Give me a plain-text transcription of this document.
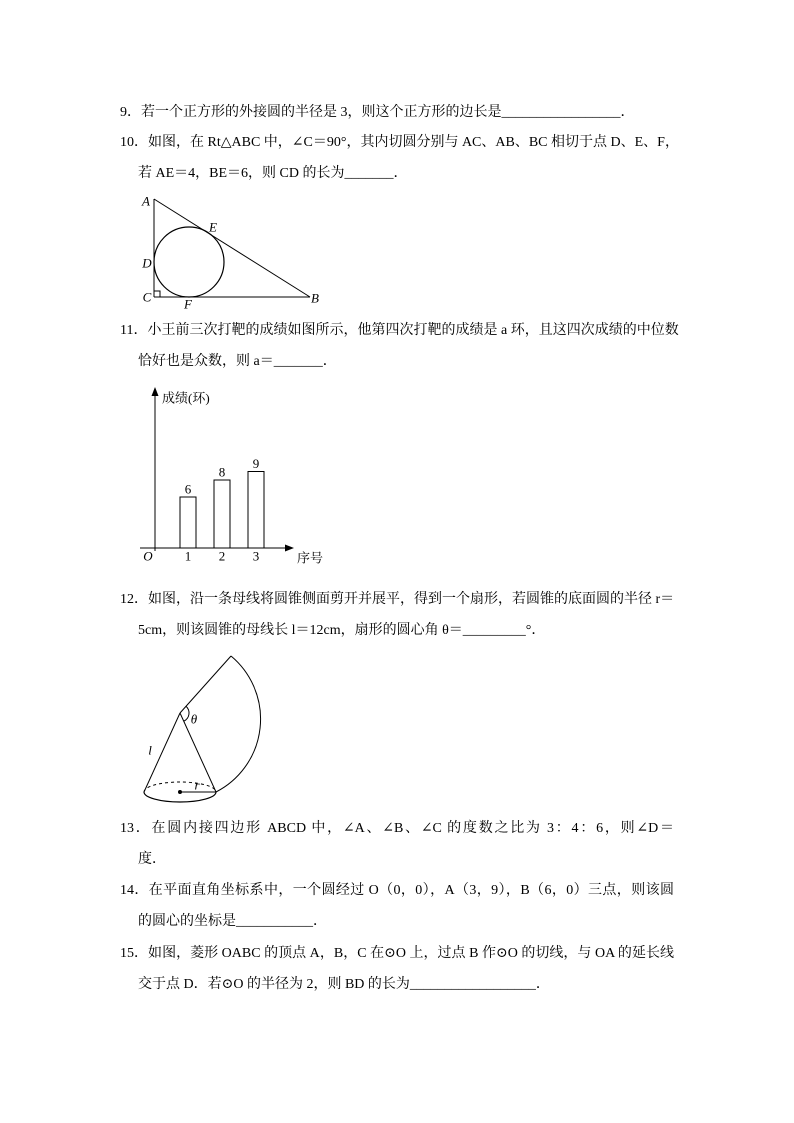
9．若一个正方形的外接圆的半径是 3，则这个正方形的边长是_________________．
10．如图，在 Rt△ABC 中，∠C＝90°，其内切圆分别与 AC、AB、BC 相切于点 D、E、F，
若 AE＝4，BE＝6，则 CD 的长为_______．
A
E
D
C	F	B
11．小王前三次打靶的成绩如图所示，他第四次打靶的成绩是 a 环，且这四次成绩的中位数
恰好也是众数，则 a＝_______．
成绩(环)
序号
O
6
8
9
1 2 3
12．如图，沿一条母线将圆锥侧面剪开并展平，得到一个扇形，若圆锥的底面圆的半径 r＝
5cm，则该圆锥的母线长 l＝12cm，扇形的圆心角 θ＝_________°．
θ
l
r
13．在圆内接四边形 ABCD 中，∠A、∠B、∠C 的度数之比为 3：4：6，则∠D＝
度．
14．在平面直角坐标系中，一个圆经过 O（0，0），A（3，9），B（6，0）三点，则该圆
的圆心的坐标是___________．
15．如图，菱形 OABC 的顶点 A，B，C 在⊙O 上，过点 B 作⊙O 的切线，与 OA 的延长线
交于点 D．若⊙O 的半径为 2，则 BD 的长为__________________．
